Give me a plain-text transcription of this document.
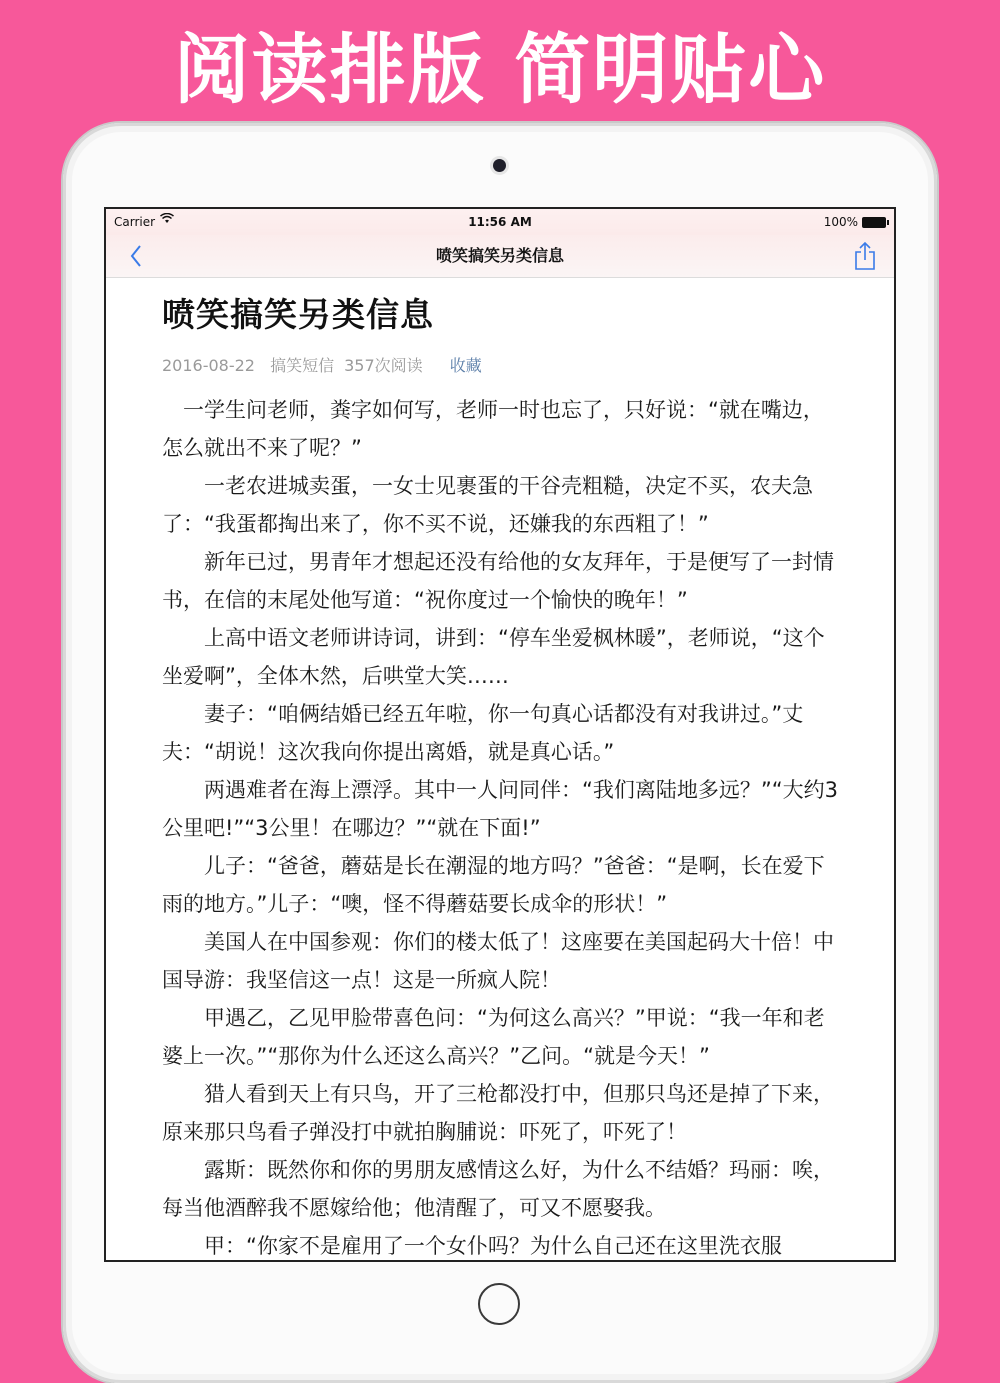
阅读排版 简明贴心
Carrier	11:56 AM	100%
喷笑搞笑另类信息
喷笑搞笑另类信息
2016-08-22 搞笑短信 357次阅读 收藏

一学生问老师，粪字如何写，老师一时也忘了，只好说：“就在嘴边，怎么就出不来了呢？”

一老农进城卖蛋，一女士见裹蛋的干谷壳粗糙，决定不买，农夫急了：“我蛋都掏出来了，你不买不说，还嫌我的东西粗了！”

新年已过，男青年才想起还没有给他的女友拜年，于是便写了一封情书，在信的末尾处他写道：“祝你度过一个愉快的晚年！”

上高中语文老师讲诗词，讲到：“停车坐爱枫林暖”，老师说，“这个坐爱啊”，全体木然，后哄堂大笑……

妻子：“咱俩结婚已经五年啦，你一句真心话都没有对我讲过。”丈夫：“胡说！这次我向你提出离婚，就是真心话。”

两遇难者在海上漂浮。其中一人问同伴：“我们离陆地多远？”“大约3公里吧!”“3公里！在哪边？”“就在下面!”

儿子：“爸爸，蘑菇是长在潮湿的地方吗？”爸爸：“是啊，长在爱下雨的地方。”儿子：“噢，怪不得蘑菇要长成伞的形状！”

美国人在中国参观：你们的楼太低了！这座要在美国起码大十倍！中国导游：我坚信这一点！这是一所疯人院！

甲遇乙，乙见甲脸带喜色问：“为何这么高兴？”甲说：“我一年和老婆上一次。”“那你为什么还这么高兴？”乙问。“就是今天！”

猎人看到天上有只鸟，开了三枪都没打中，但那只鸟还是掉了下来，原来那只鸟看子弹没打中就拍胸脯说：吓死了，吓死了！

露斯：既然你和你的男朋友感情这么好，为什么不结婚？玛丽：唉，每当他酒醉我不愿嫁给他；他清醒了，可又不愿娶我。

甲：“你家不是雇用了一个女仆吗？为什么自己还在这里洗衣服
